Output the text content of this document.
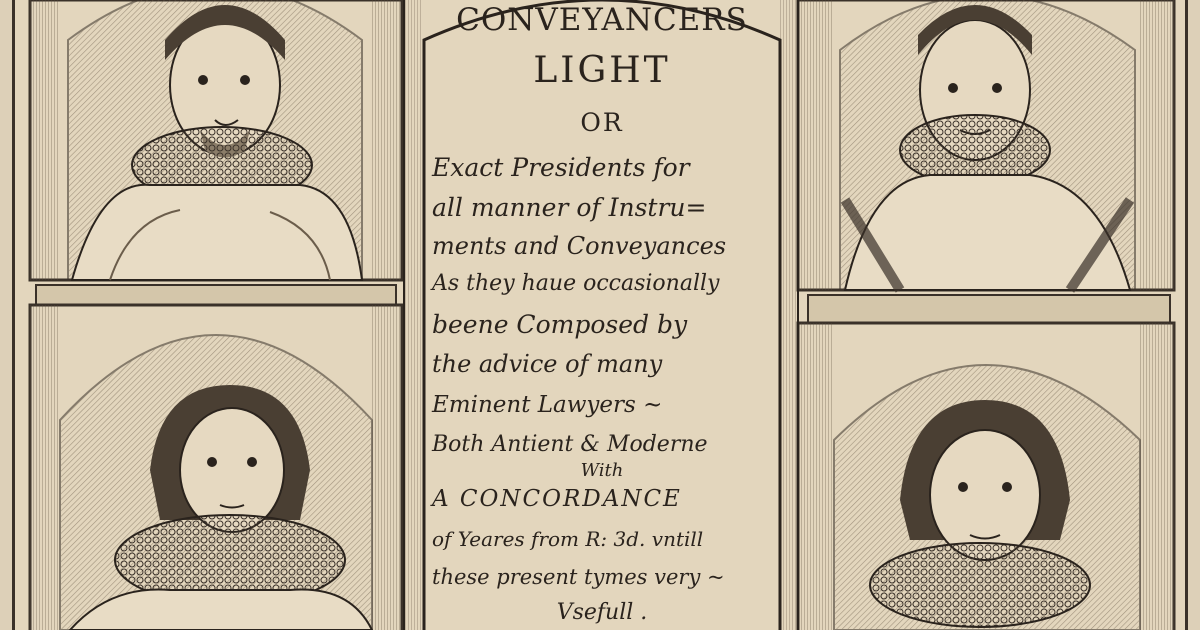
CONVEYANCERS
LIGHT
OR
Exact Presidents for
all manner of Instru=
ments and Conveyances
As they haue occasionally
beene Composed by
the advice of many
Eminent Lawyers ~
Both Antient & Moderne
With
A CONCORDANCE
of Yeares from R: 3d. vntill
these present tymes very ~
Vsefull .
